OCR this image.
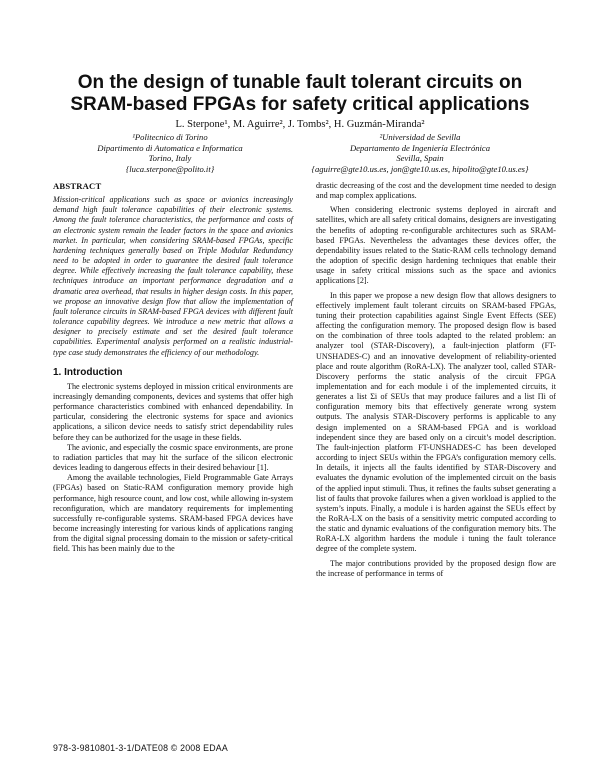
On the design of tunable fault tolerant circuits on
SRAM-based FPGAs for safety critical applications
L. Sterpone¹, M. Aguirre², J. Tombs², H. Guzmán-Miranda²
¹Politecnico di Torino
Dipartimento di Automatica e Informatica
Torino, Italy
{luca.sterpone@polito.it}
²Universidad de Sevilla
Departamento de Ingeniería Electrónica
Sevilla, Spain
{aguirre@gte10.us.es, jon@gte10.us.es, hipolito@gte10.us.es}
ABSTRACT

Mission-critical applications such as space or avionics increasingly demand high fault tolerance capabilities of their electronic systems. Among the fault tolerance characteristics, the performance and costs of an electronic system remain the leader factors in the space and avionics market. In particular, when considering SRAM-based FPGAs, specific hardening techniques generally based on Triple Modular Redundancy need to be adopted in order to guarantee the desired fault tolerance degree. While effectively increasing the fault tolerance capability, these techniques introduce an important performance degradation and a dramatic area overhead, that results in higher design costs. In this paper, we propose an innovative design flow that allow the implementation of fault tolerance circuits in SRAM-based FPGA devices with different fault tolerance capability degrees. We introduce a new metric that allows a designer to precisely estimate and set the desired fault tolerance capabilities. Experimental analysis performed on a realistic industrial-type case study demonstrates the efficiency of our methodology.

1. Introduction

The electronic systems deployed in mission critical environments are increasingly demanding components, devices and systems that offer high performance characteristics combined with enhanced dependability. In particular, considering the electronic systems for space and avionics applications, a silicon device needs to satisfy strict dependability rules before they can be authorized for the usage in these fields.

The avionic, and especially the cosmic space environments, are prone to radiation particles that may hit the surface of the silicon electronic devices leading to dangerous effects in their desired behaviour [1].

Among the available technologies, Field Programmable Gate Arrays (FPGAs) based on Static-RAM configuration memory provide high performance, high resource count, and low cost, while allowing in-system reconfiguration, which are mandatory requirements for implementing successfully re-configurable systems. SRAM-based FPGA devices have become increasingly interesting for various kinds of applications ranging from the digital signal processing domain to the mission or safety-critical field. This has been mainly due to the

drastic decreasing of the cost and the development time needed to design and map complex applications.

When considering electronic systems deployed in aircraft and satellites, which are all safety critical domains, designers are investigating the benefits of adopting re-configurable architectures such as SRAM-based FPGAs. Nevertheless the advantages these devices offer, the dependability issues related to the Static-RAM cells technology demand the adoption of specific design hardening techniques that enable their usage in safety critical missions such as the space and avionics applications [2].

In this paper we propose a new design flow that allows designers to effectively implement fault tolerant circuits on SRAM-based FPGAs, tuning their protection capabilities against Single Event Effects (SEE) affecting the configuration memory. The proposed design flow is based on the combination of three tools adapted to the related problem: an analyzer tool (STAR-Discovery), a fault-injection platform (FT-UNSHADES-C) and an innovative development of reliability-oriented place and route algorithm (RoRA-LX). The analyzer tool, called STAR-Discovery performs the static analysis of the circuit FPGA implementation and for each module i of the implemented circuits, it generates a list Σi of SEUs that may produce failures and a list Πi of configuration memory bits that effectively generate wrong system outputs. The analysis STAR-Discovery performs is applicable to any design implemented on a SRAM-based FPGA and is workload independent since they are based only on a circuit’s model description. The fault-injection platform FT-UNSHADES-C has been developed according to inject SEUs within the FPGA’s configuration memory cells. In details, it injects all the faults identified by STAR-Discovery and evaluates the dynamic evolution of the implemented circuit on the basis of the applied input stimuli. Thus, it refines the faults subset generating a list of faults that provoke failures when a given workload is applied to the system’s inputs. Finally, a module i is harden against the SEUs effect by the RoRA-LX on the basis of a sensitivity metric computed according to the static and dynamic evaluations of the configuration memory bits. The RoRA-LX algorithm hardens the module i tuning the fault tolerance degree of the complete system.

The major contributions provided by the proposed design flow are the increase of performance in terms of

978-3-9810801-3-1/DATE08 © 2008 EDAA
